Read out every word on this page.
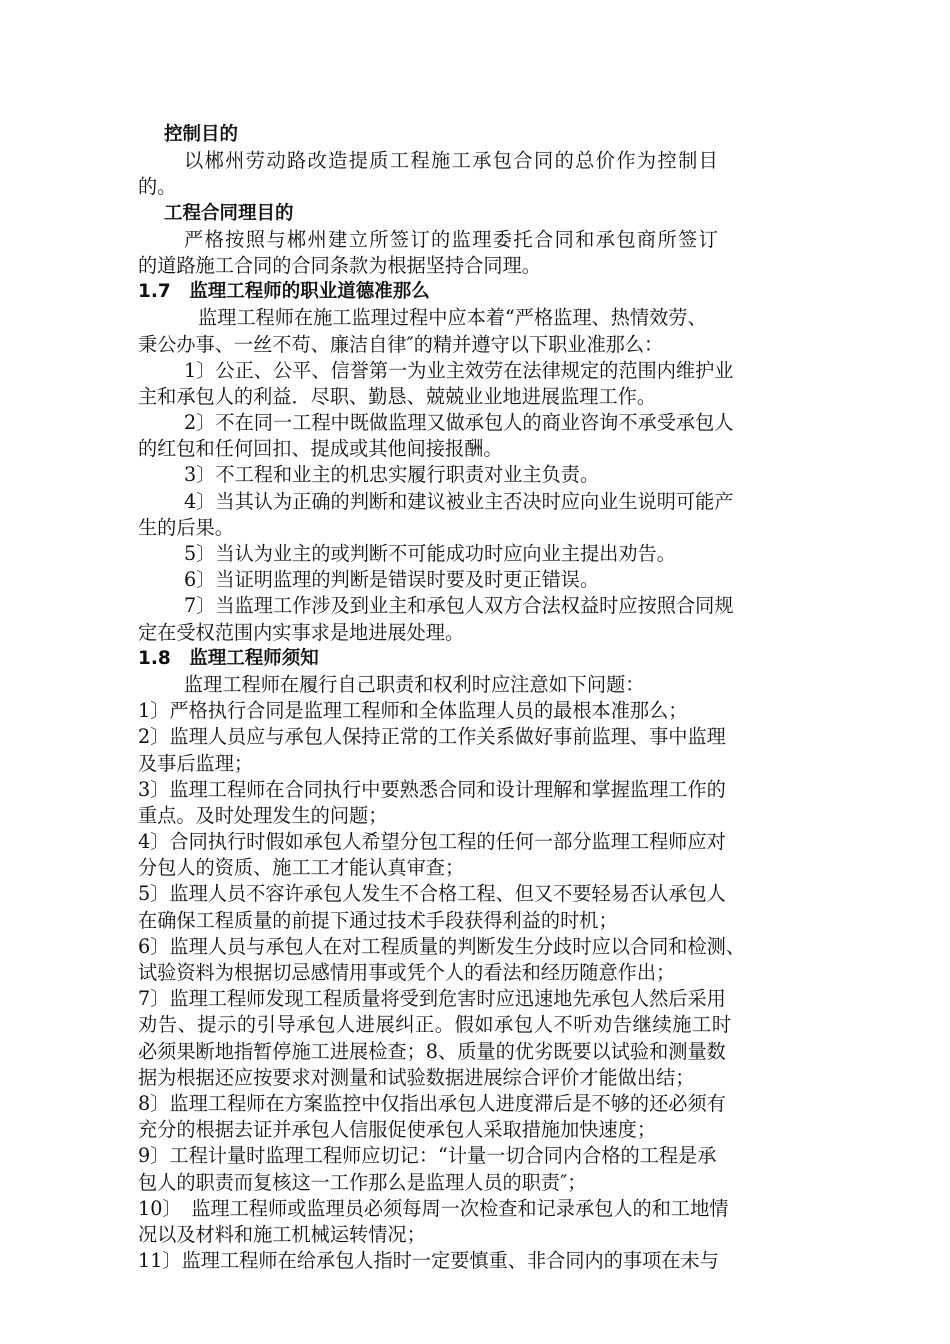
控制目的
以郴州劳动路改造提质工程施工承包合同的总价作为控制目
的。
工程合同理目的
严格按照与郴州建立所签订的监理委托合同和承包商所签订
的道路施工合同的合同条款为根据坚持合同理。
1.7　监理工程师的职业道德准那么
监理工程师在施工监理过程中应本着“严格监理、热情效劳、
秉公办事、一丝不苟、廉洁自律″的精并遵守以下职业准那么：
1〕公正、公平、信誉第一为业主效劳在法律规定的范围内维护业
主和承包人的利益．尽职、勤恳、兢兢业业地进展监理工作。
2〕不在同一工程中既做监理又做承包人的商业咨询不承受承包人
的红包和任何回扣、提成或其他间接报酬。
3〕不工程和业主的机忠实履行职责对业主负责。
4〕当其认为正确的判断和建议被业主否决时应向业生说明可能产
生的后果。
5〕当认为业主的或判断不可能成功时应向业主提出劝告。
6〕当证明监理的判断是错误时要及时更正错误。
7〕当监理工作涉及到业主和承包人双方合法权益时应按照合同规
定在受权范围内实事求是地进展处理。
1.8　监理工程师须知
监理工程师在履行自己职责和权利时应注意如下问题：
1〕严格执行合同是监理工程师和全体监理人员的最根本准那么；
2〕监理人员应与承包人保持正常的工作关系做好事前监理、事中监理
及事后监理；
3〕监理工程师在合同执行中要熟悉合同和设计理解和掌握监理工作的
重点。及时处理发生的问题；
4〕合同执行时假如承包人希望分包工程的任何一部分监理工程师应对
分包人的资质、施工工才能认真审查；
5〕监理人员不容许承包人发生不合格工程、但又不要轻易否认承包人
在确保工程质量的前提下通过技术手段获得利益的时机；
6〕监理人员与承包人在对工程质量的判断发生分歧时应以合同和检测、
试验资料为根据切忌感情用事或凭个人的看法和经历随意作出；
7〕监理工程师发现工程质量将受到危害时应迅速地先承包人然后采用
劝告、提示的引导承包人进展纠正。假如承包人不听劝告继续施工时
必须果断地指暂停施工进展检查；8、质量的优劣既要以试验和测量数
据为根据还应按要求对测量和试验数据进展综合评价才能做出结；
8〕监理工程师在方案监控中仅指出承包人进度滞后是不够的还必须有
充分的根据去证并承包人信服促使承包人采取措施加快速度；
9〕工程计量时监理工程师应切记：“计量一切合同内合格的工程是承
包人的职责而复核这一工作那么是监理人员的职责″；
10〕　监理工程师或监理员必须每周一次检查和记录承包人的和工地情
况以及材料和施工机械运转情况；
11〕监理工程师在给承包人指时一定要慎重、非合同内的事项在未与
